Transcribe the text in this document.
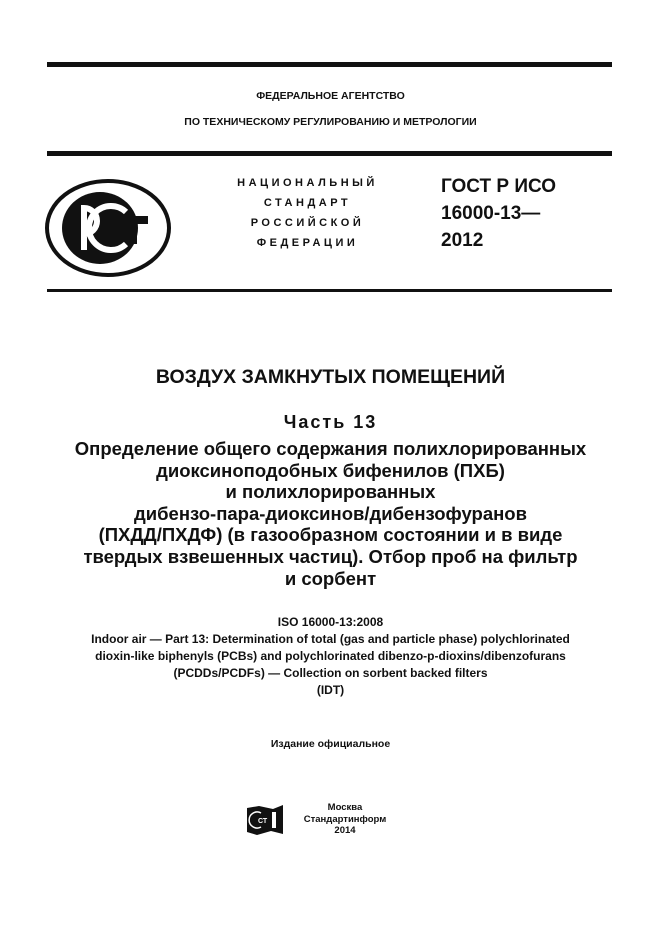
ФЕДЕРАЛЬНОЕ АГЕНТСТВО
ПО ТЕХНИЧЕСКОМУ РЕГУЛИРОВАНИЮ И МЕТРОЛОГИИ
НАЦИОНАЛЬНЫЙ
СТАНДАРТ
РОССИЙСКОЙ
ФЕДЕРАЦИИ
ГОСТ Р ИСО
16000-13—
2012
ВОЗДУХ ЗАМКНУТЫХ ПОМЕЩЕНИЙ
Часть 13
Определение общего содержания полихлорированных
диоксиноподобных бифенилов (ПХБ)
и полихлорированных
дибензо-пара-диоксинов/дибензофуранов
(ПХДД/ПХДФ) (в газообразном состоянии и в виде
твердых взвешенных частиц). Отбор проб на фильтр
и сорбент
ISO 16000-13:2008
Indoor air — Part 13: Determination of total (gas and particle phase) polychlorinated
dioxin-like biphenyls (PCBs) and polychlorinated dibenzo-p-dioxins/dibenzofurans
(PCDDs/PCDFs) — Collection on sorbent backed filters
(IDT)
Издание официальное
СТ
Москва
Стандартинформ
2014
